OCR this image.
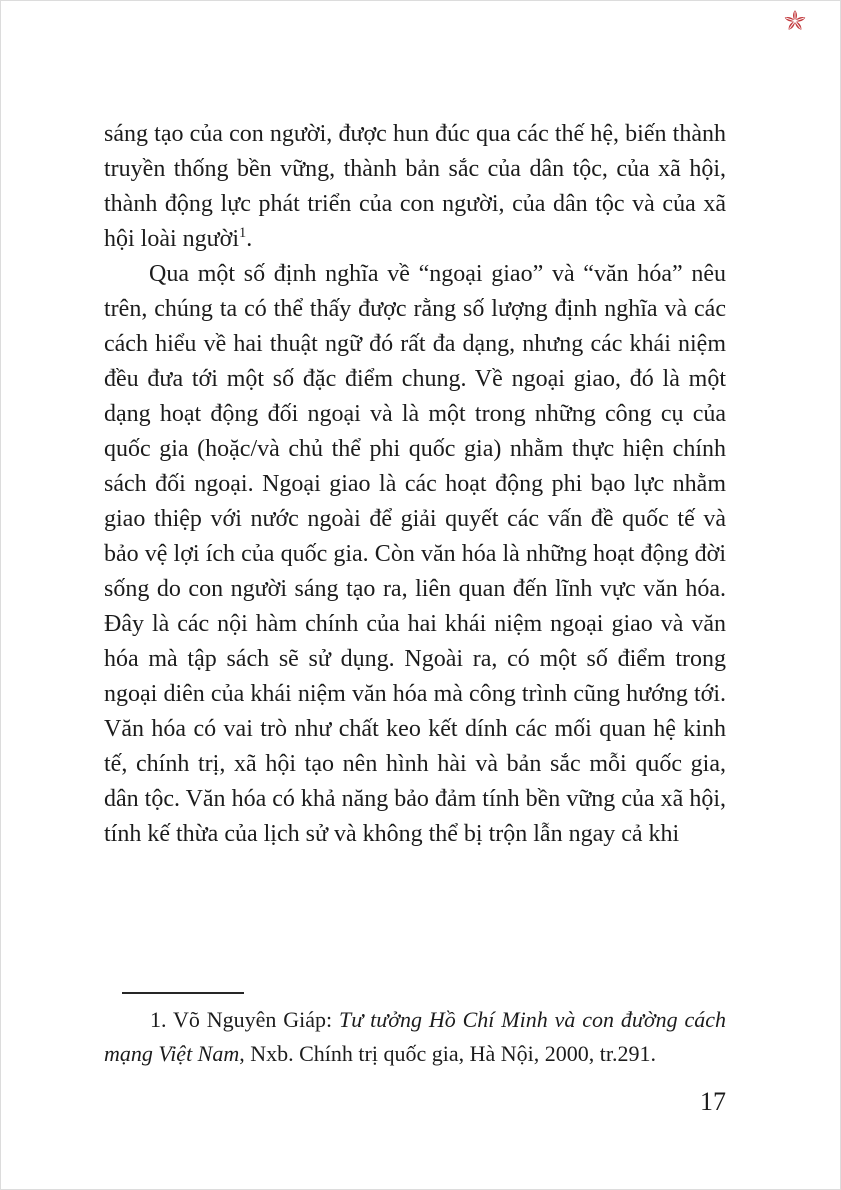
sáng tạo của con người, được hun đúc qua các thế hệ, biến thành truyền thống bền vững, thành bản sắc của dân tộc, của xã hội, thành động lực phát triển của con người, của dân tộc và của xã hội loài người$^1$.

Qua một số định nghĩa về “ngoại giao” và “văn hóa” nêu trên, chúng ta có thể thấy được rằng số lượng định nghĩa và các cách hiểu về hai thuật ngữ đó rất đa dạng, nhưng các khái niệm đều đưa tới một số đặc điểm chung. Về ngoại giao, đó là một dạng hoạt động đối ngoại và là một trong những công cụ của quốc gia (hoặc/và chủ thể phi quốc gia) nhằm thực hiện chính sách đối ngoại. Ngoại giao là các hoạt động phi bạo lực nhằm giao thiệp với nước ngoài để giải quyết các vấn đề quốc tế và bảo vệ lợi ích của quốc gia. Còn văn hóa là những hoạt động đời sống do con người sáng tạo ra, liên quan đến lĩnh vực văn hóa. Đây là các nội hàm chính của hai khái niệm ngoại giao và văn hóa mà tập sách sẽ sử dụng. Ngoài ra, có một số điểm trong ngoại diên của khái niệm văn hóa mà công trình cũng hướng tới. Văn hóa có vai trò như chất keo kết dính các mối quan hệ kinh tế, chính trị, xã hội tạo nên hình hài và bản sắc mỗi quốc gia, dân tộc. Văn hóa có khả năng bảo đảm tính bền vững của xã hội, tính kế thừa của lịch sử và không thể bị trộn lẫn ngay cả khi

1. Võ Nguyên Giáp: Tư tưởng Hồ Chí Minh và con đường cách mạng Việt Nam, Nxb. Chính trị quốc gia, Hà Nội, 2000, tr.291.

17
